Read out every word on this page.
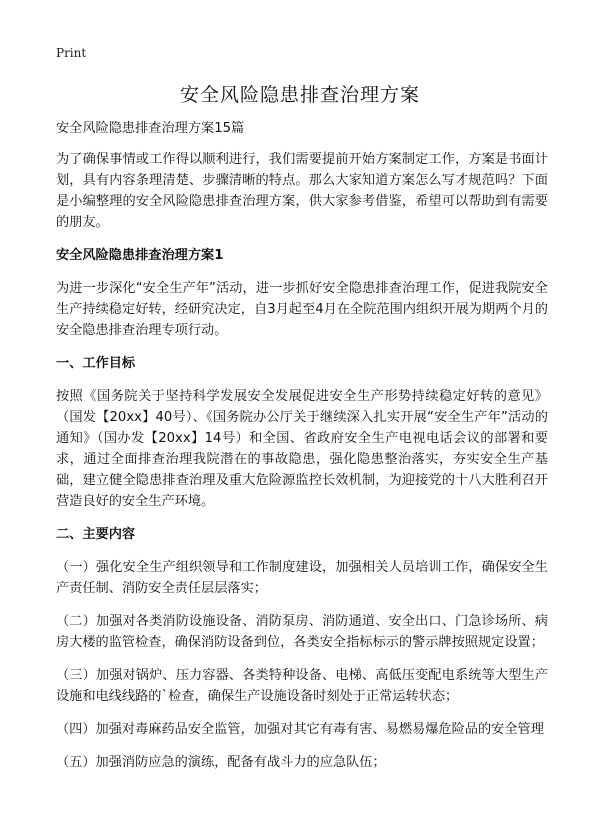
Print
安全风险隐患排查治理方案

安全风险隐患排查治理方案15篇

为了确保事情或工作得以顺利进行，我们需要提前开始方案制定工作，方案是书面计划，具有内容条理清楚、步骤清晰的特点。那么大家知道方案怎么写才规范吗？下面是小编整理的安全风险隐患排查治理方案，供大家参考借鉴，希望可以帮助到有需要的朋友。

安全风险隐患排查治理方案1

为进一步深化“安全生产年”活动，进一步抓好安全隐患排查治理工作，促进我院安全生产持续稳定好转，经研究决定，自3月起至4月在全院范围内组织开展为期两个月的安全隐患排查治理专项行动。

一、工作目标

按照《国务院关于坚持科学发展安全发展促进安全生产形势持续稳定好转的意见》（国发【20xx】40号）、《国务院办公厅关于继续深入扎实开展“安全生产年”活动的通知》（国办发【20xx】14号）和全国、省政府安全生产电视电话会议的部署和要求，通过全面排查治理我院潜在的事故隐患，强化隐患整治落实，夯实安全生产基础，建立健全隐患排查治理及重大危险源监控长效机制，为迎接党的十八大胜利召开营造良好的安全生产环境。

二、主要内容

（一）强化安全生产组织领导和工作制度建设，加强相关人员培训工作，确保安全生产责任制、消防安全责任层层落实；

（二）加强对各类消防设施设备、消防泵房、消防通道、安全出口、门急诊场所、病房大楼的监管检查，确保消防设备到位，各类安全指标标示的警示牌按照规定设置；

（三）加强对锅炉、压力容器、各类特种设备、电梯、高低压变配电系统等大型生产设施和电线线路的`检查，确保生产设施设备时刻处于正常运转状态；

（四）加强对毒麻药品安全监管，加强对其它有毒有害、易燃易爆危险品的安全管理

（五）加强消防应急的演练，配备有战斗力的应急队伍；
